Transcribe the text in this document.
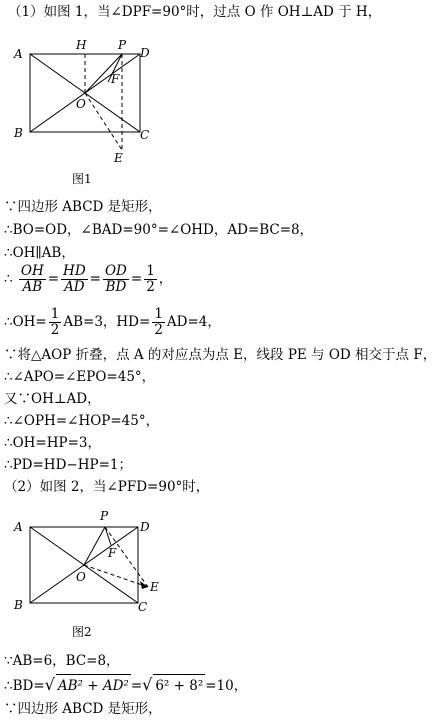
（1）如图 1，当∠DPF=90°时，过点 O 作 OH⊥AD 于 H，
A
B	C
D
H	P
F
O
E
图1
∵四边形 ABCD 是矩形，
∴BO=OD，∠BAD=90°=∠OHD，AD=BC=8，
∴OH∥AB，
∴ $\frac{OH}{AB} = \frac{HD}{AD} = \frac{OD}{BD} = \frac{1}{2}$ ，
∴OH= $\frac{1}{2} AB=3$，$HD= \frac{1}{2} AD=4$，
∵将△AOP 折叠，点 A 的对应点为点 E，线段 PE 与 OD 相交于点 F，
∴∠APO=∠EPO=45°，
又∵OH⊥AD，
∴∠OPH=∠HOP=45°，
∴OH=HP=3，
∴PD=HD−HP=1；
（2）如图 2，当∠PFD=90°时，
A
B	C
D
P
F
O
E
图2
∵AB=6，BC=8，
∴BD=√ AB² + AD² =√ 6² + 8² =10，
∵四边形 ABCD 是矩形，
